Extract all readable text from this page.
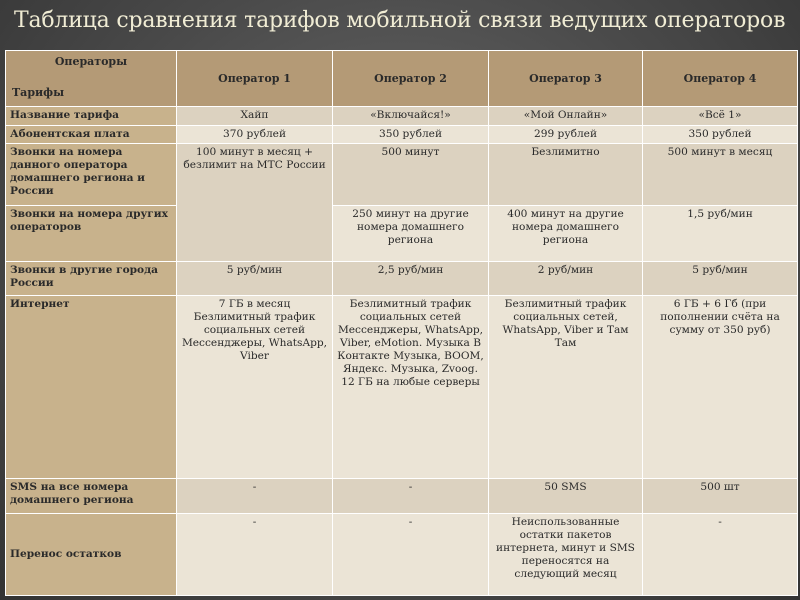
Таблица сравнения тарифов мобильной связи ведущих операторов
Операторы
Тарифы	Оператор 1	Оператор 2	Оператор 3	Оператор 4
Название тарифа	Хайп	«Включайся!»	«Мой Онлайн»	«Всё 1»
Абонентская плата	370 рублей	350 рублей	299 рублей	350 рублей
Звонки на номера данного оператора домашнего региона и России	100 минут в месяц + безлимит на МТС России	500 минут	Безлимитно	500 минут в месяц
Звонки на номера других операторов		250 минут на другие номера домашнего региона	400 минут на другие номера домашнего региона	1,5 руб/мин
Звонки в другие города России	5 руб/мин	2,5 руб/мин	2 руб/мин	5 руб/мин
Интернет	7 ГБ в месяц Безлимитный трафик социальных сетей Мессенджеры, WhatsApp, Viber	Безлимитный трафик социальных сетей Мессенджеры, WhatsApp, Viber, eMotion. Музыка В Контакте Музыка, BOOM, Яндекс. Музыка, Zvoog. 12 ГБ на любые серверы	Безлимитный трафик социальных сетей, WhatsApp, Viber и Там Там	6 ГБ + 6 Гб (при пополнении счёта на сумму от 350 руб)
SMS на все номера домашнего региона	-	-	50 SMS	500 шт
Перенос остатков	-	-	Неиспользованные остатки пакетов интернета, минут и SMS переносятся на следующий месяц	-
